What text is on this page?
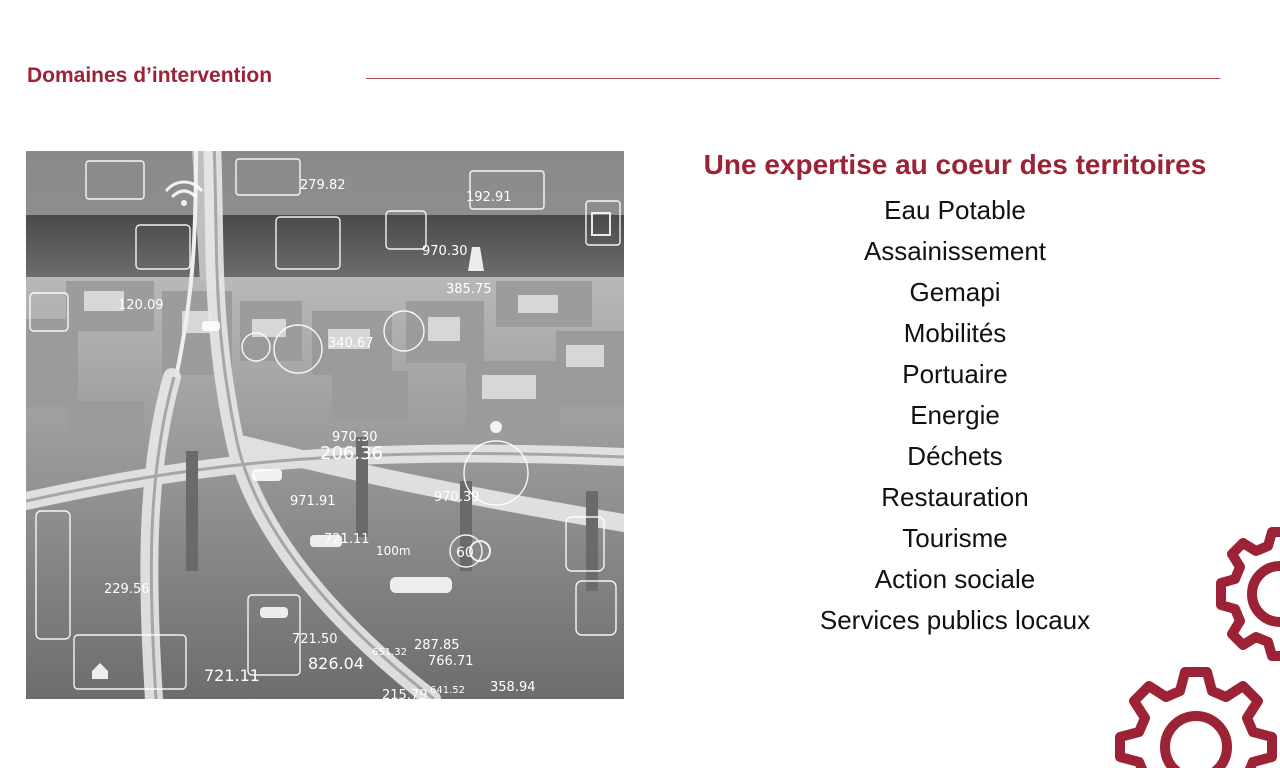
Domaines d’intervention
279.82
192.91
970.30
385.75
120.09
340.67
970.30
206.36
971.91	970.39
721.11
229.56
721.50
826.04
721.11
287.85
766.71
215.79
358.94
651.32
641.52
100m	60
Une expertise au coeur des territoires
Eau Potable
Assainissement
Gemapi
Mobilités
Portuaire
Energie
Déchets
Restauration
Tourisme
Action sociale
Services publics locaux
